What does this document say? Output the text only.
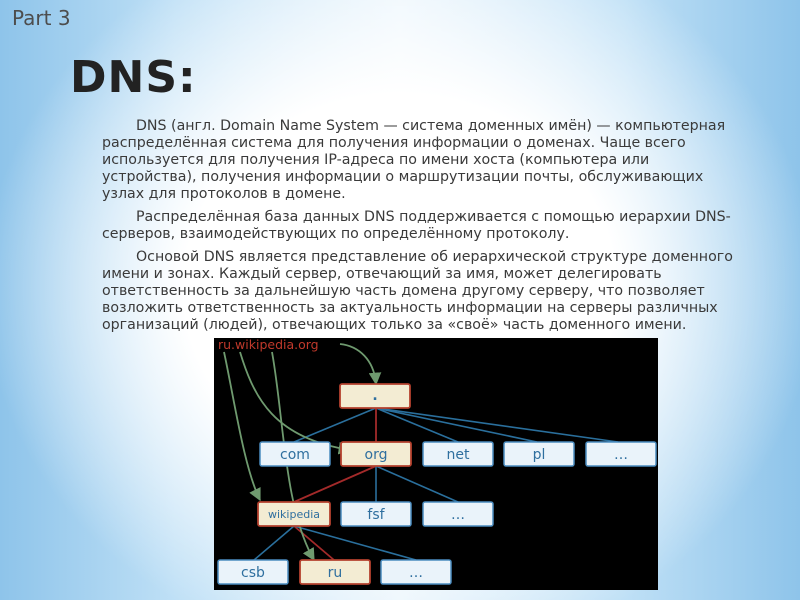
Part 3
DNS:

DNS (англ. Domain Name System — система доменных имён) — компьютерная распределённая система для получения информации о доменах. Чаще всего используется для получения IP-адреса по имени хоста (компьютера или устройства), получения информации о маршрутизации почты, обслуживающих узлах для протоколов в домене.

Распределённая база данных DNS поддерживается с помощью иерархии DNS-серверов, взаимодействующих по определённому протоколу.

Основой DNS является представление об иерархической структуре доменного имени и зонах. Каждый сервер, отвечающий за имя, может делегировать ответственность за дальнейшую часть домена другому серверу, что позволяет возложить ответственность за актуальность информации на серверы различных организаций (людей), отвечающих только за «своё» часть доменного имени.

ru.wikipedia.org
.
com	org	net	pl	…
wikipedia	fsf	…
csb	ru	…
